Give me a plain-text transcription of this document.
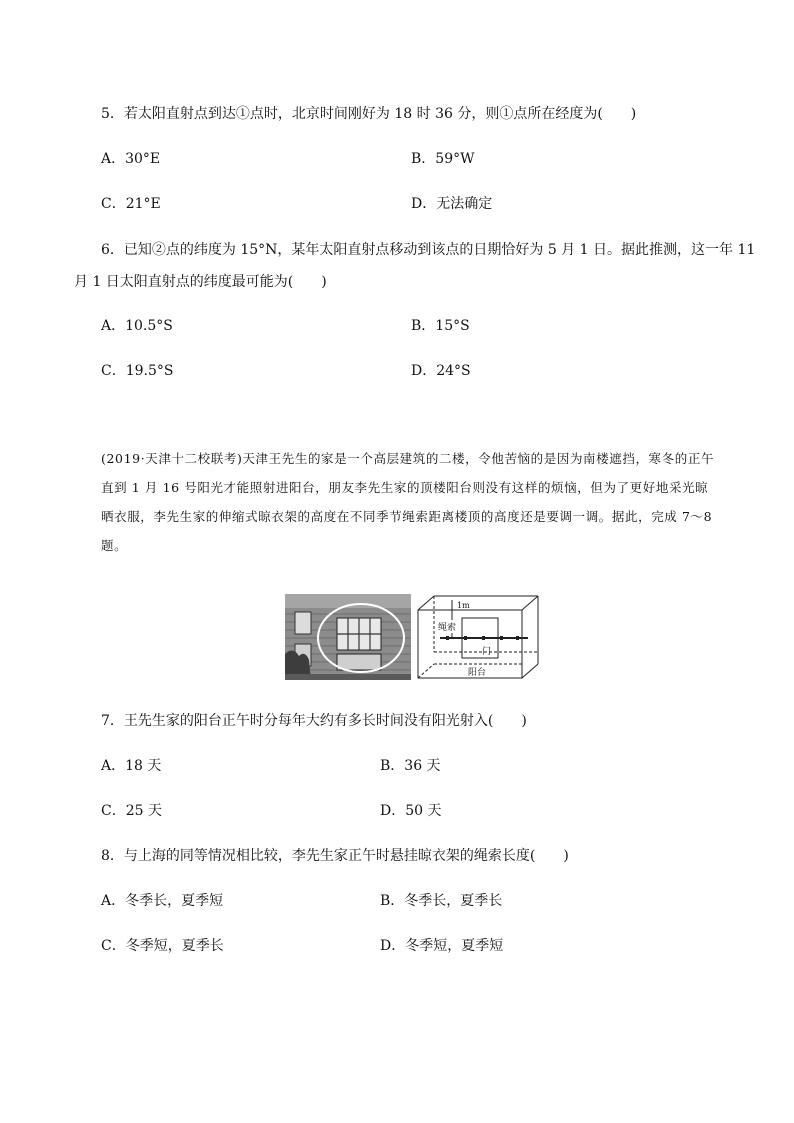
5．若太阳直射点到达①点时，北京时间刚好为 18 时 36 分，则①点所在经度为(　　)
A．30°E	B．59°W
C．21°E	D．无法确定
6．已知②点的纬度为 15°N，某年太阳直射点移动到该点的日期恰好为 5 月 1 日。据此推测，这一年 11
月 1 日太阳直射点的纬度最可能为(　　)
A．10.5°S	B．15°S
C．19.5°S	D．24°S
(2019·天津十二校联考)天津王先生的家是一个高层建筑的二楼，令他苦恼的是因为南楼遮挡，寒冬的正午直到 1 月 16 号阳光才能照射进阳台，朋友李先生家的顶楼阳台则没有这样的烦恼，但为了更好地采光晾晒衣服，李先生家的伸缩式晾衣架的高度在不同季节绳索距离楼顶的高度还是要调一调。据此，完成 7～8 题。
1m
绳索
门
阳台
7．王先生家的阳台正午时分每年大约有多长时间没有阳光射入(　　)
A．18 天	B．36 天
C．25 天	D．50 天
8．与上海的同等情况相比较，李先生家正午时悬挂晾衣架的绳索长度(　　)
A．冬季长，夏季短	B．冬季长，夏季长
C．冬季短，夏季长	D．冬季短，夏季短
